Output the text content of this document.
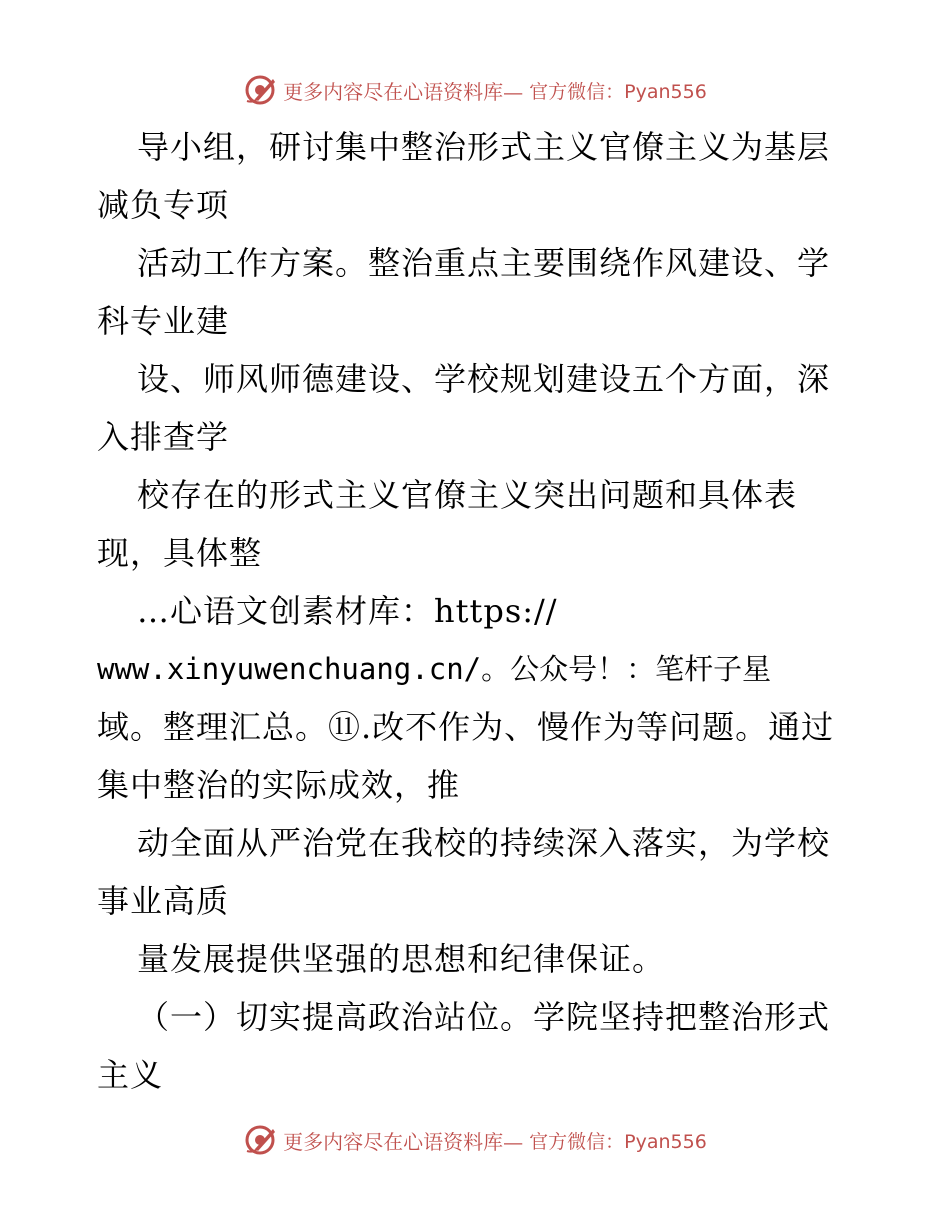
更多内容尽在心语资料库— 官方微信：Pyan556
导小组，研讨集中整治形式主义官僚主义为基层
减负专项
活动工作方案。整治重点主要围绕作风建设、学
科专业建
设、师风师德建设、学校规划建设五个方面，深
入排查学
校存在的形式主义官僚主义突出问题和具体表
现，具体整
…心语文创素材库：https://
www.xinyuwenchuang.cn/。公众号！：笔杆子星
域。整理汇总。⑪.改不作为、慢作为等问题。通过
集中整治的实际成效，推
动全面从严治党在我校的持续深入落实，为学校
事业高质
量发展提供坚强的思想和纪律保证。
（一）切实提高政治站位。学院坚持把整治形式
主义
更多内容尽在心语资料库— 官方微信：Pyan556
